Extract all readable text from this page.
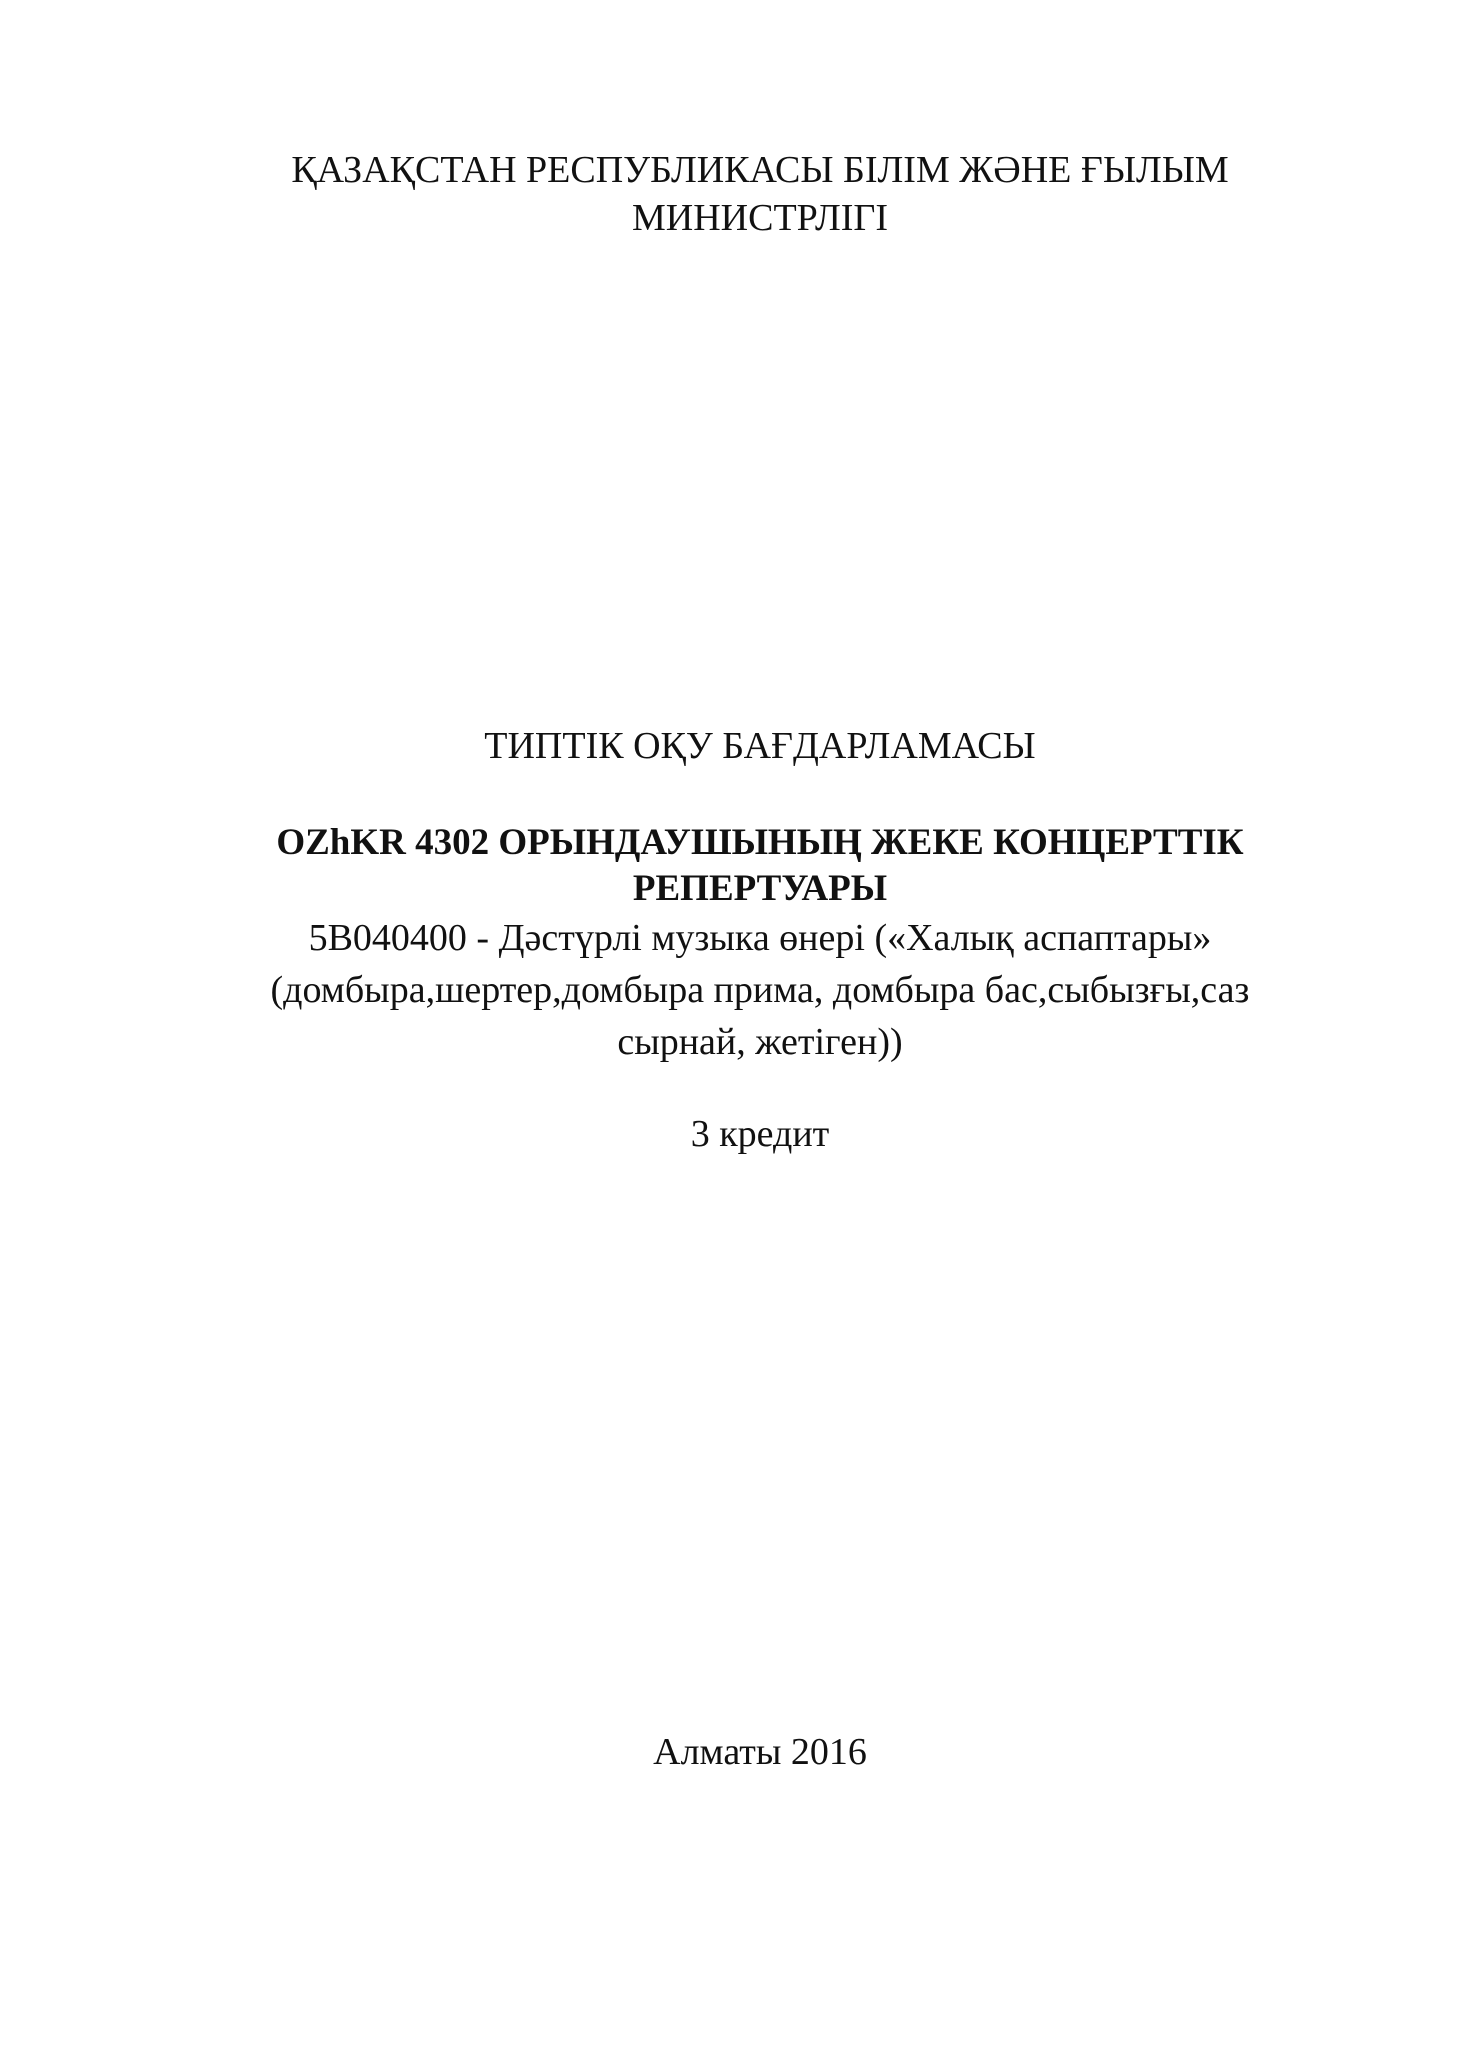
ҚАЗАҚСТАН РЕСПУБЛИКАСЫ БІЛІМ ЖӘНЕ ҒЫЛЫМ
МИНИСТРЛІГІ
ТИПТІК ОҚУ БАҒДАРЛАМАСЫ
OZhKR 4302 ОРЫНДАУШЫНЫҢ ЖЕКЕ КОНЦЕРТТІК
РЕПЕРТУАРЫ
5В040400 - Дәстүрлі музыка өнері («Халық аспаптары»
(домбыра,шертер,домбыра прима, домбыра бас,сыбызғы,саз
сырнай, жетіген))
3 кредит
Алматы 2016
